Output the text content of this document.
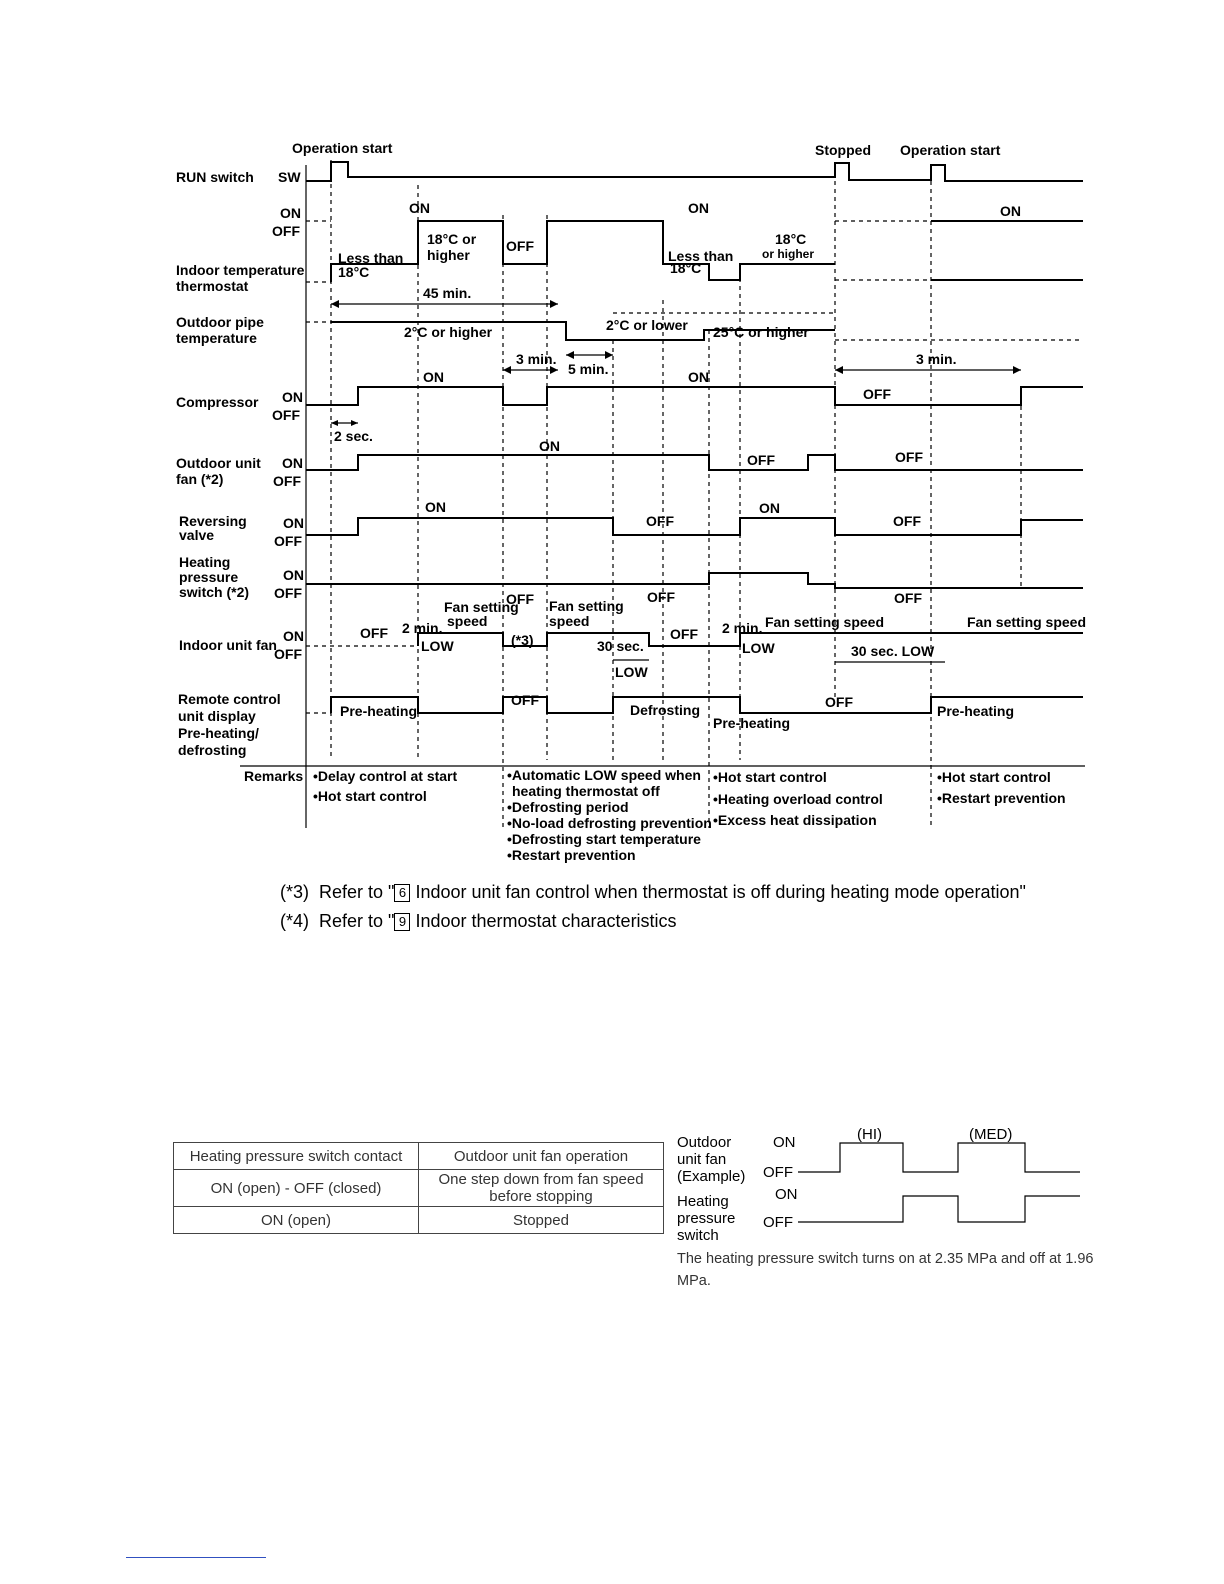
Operation start	Stopped Operation start
RUN switch SW
Indoor temperature
thermostat
Outdoor pipe
temperature
Compressor
Outdoor unit
fan (*2)
Reversing
valve
Heating
pressure
switch (*2)
Indoor unit fan
Remote control
unit display
Pre-heating/
defrosting
ON
OFF
ON
OFF
ON
OFF
ON
OFF
ON
OFF
ON
OFF
ON	ON	ON
Less than
18°C
18°C or
higher
OFF
Less than
18°C
18°C
or higher
45 min.
2°C or higher	2°C or lower 25°C or higher
3 min.
5 min.
3 min.
ON	ON
OFF
2 sec.
ON
OFF	OFF
ON
OFF
ON
OFF
OFF	OFF	OFF
OFF 2 min.
Fan setting
speed
LOW	(*3)
Fan setting
speed
30 sec.
LOW
OFF 2 min. Fan setting speed
LOW	30 sec. LOW
Fan setting speed
Pre-heating
OFF
Defrosting
Pre-heating
OFF
Pre-heating
Remarks •Delay control at start
•Hot start control
•Automatic LOW speed when
heating thermostat off
•Defrosting period
•No-load defrosting prevention
•Defrosting start temperature
•Restart prevention
•Hot start control
•Heating overload control
•Excess heat dissipation
•Hot start control
•Restart prevention
Outdoor
unit fan
(Example)
ON
OFF
(HI)	(MED)
Heating
pressure
switch
ON
OFF
(*3) Refer to " 6 Indoor unit fan control when thermostat is off during heating mode operation"
(*4) Refer to " 9 Indoor thermostat characteristics
Heating pressure switch contact	Outdoor unit fan operation
ON (open) - OFF (closed)	One step down from fan speed before stopping
ON (open)	Stopped
The heating pressure switch turns on at 2.35 MPa and off at 1.96 MPa.
